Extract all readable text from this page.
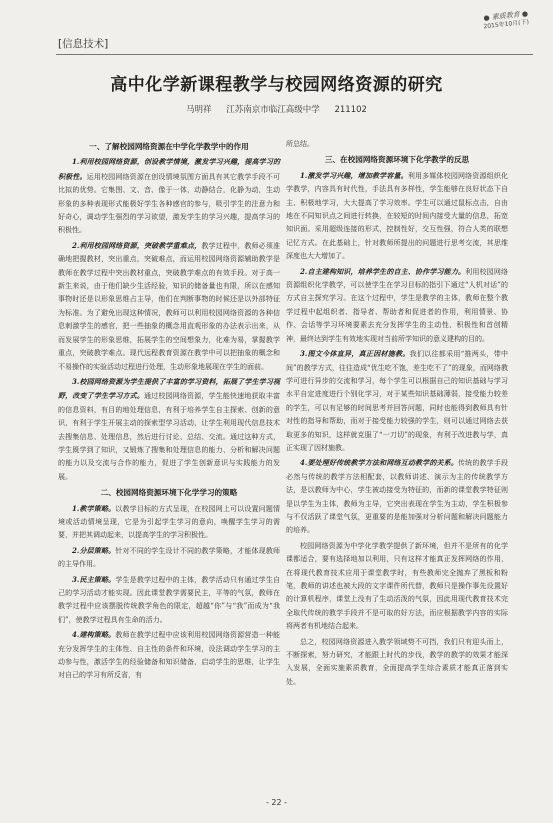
[信息技术]
● 素质教育 ●
2015年10月(下)
高中化学新课程教学与校园网络资源的研究
马明祥 江苏南京市临江高级中学 211102
一、了解校园网络资源在中学化学教学中的作用

1.利用校园网络资源，创设教学情境，激发学习兴趣，提高学习的积极性。运用校园网络资源在创设情境氛围方面具有其它教学手段不可比拟的优势。它集图、文、音、像于一体，动静结合，化静为动，生动形象的多种表现形式能极好学生各种感官的参与，吸引学生的注意力和好奇心，调动学生强烈的学习欲望，激发学生的学习兴趣，提高学习的积极性。

2.利用校园网络资源，突破教学重难点，教学过程中，教师必须准确地把握教材，突出重点，突破难点，而运用校园网络资源辅助教学是教师在教学过程中突出教材重点，突破教学难点的有效手段。对于高一新生来说，由于他们缺少生活经验，知识的储备量也有限，所以在感知事物时还是以形象思维占主导，他们在判断事物的时候还是以外部特征为标准。为了避免出现这种情况，教师可以利用校园网络资源的各种信息刺激学生的感官，把一些抽象的概念用直观形象的办法表示出来，从而发展学生的形象思维，拓展学生的空间想象力，化难为易，掌握教学重点，突破教学难点。现代远程教育资源在教学中可以把抽象的概念和不易操作的实验活动过程进行处理，生动形象地展现在学生的面前。

3.校园网络资源为学生提供了丰富的学习资料，拓展了学生学习视野，改变了学生学习方式。通过校园网络资源，学生能快速地获取丰富的信息资料，有目的地处理信息，有利于培养学生自主探索、创新的意识，有利于学生开展主动的探索型学习活动，让学生利用现代信息技术去搜集信息、处理信息，然后进行讨论、总结、交流。通过这种方式，学生既学到了知识，又锻炼了搜集和处理信息的能力、分析和解决问题的能力以及交流与合作的能力，促进了学生创新意识与实践能力的发展。

二、校园网络资源环境下化学学习的策略

1.教学策略。以教学目标的方式呈现，在校园网上可以设置问题情境或活动情境呈现，它是为引起学生学习的意向，唤醒学生学习的需要，并把其调动起来，以提高学生的学习积极性。

2.分层策略。针对不同的学生设计不同的教学策略，才能体现教师的主导作用。

3.民主策略。学生是教学过程中的主体，教学活动只有通过学生自己的学习活动才能实现。因此课堂教学需要民主，平等的气氛，教师在教学过程中应该摆脱传统教学角色的限定，超越“你”与“我”而成为“我们”，使教学过程具有生命的活力。

4.建构策略。教师在教学过程中应该利用校园网络资源营造一种能充分发挥学生的主体性、自主性的条件和环境，设法调动学生学习的主动参与性，激活学生的经验储备和知识储备，启动学生的思维，让学生对自己的学习有所反省，有

所总结。

三、在校园网络资源环境下化学教学的反思

1.激发学习兴趣，增加教学容量。利用多媒体校园网络资源组织化学教学，内容具有时代性，手法具有多样性，学生能够在良好状态下自主、积极地学习，大大提高了学习效率。学生可以通过鼠标点击，自由地在不同知识点之间进行转换，在较短的时间内接受大量的信息，拓宽知识面。采用超级连接的形式，控制性好，交互性强，符合人类的联想记忆方式。在此基础上，针对教师所提出的问题进行思考交流，其思维深度也大大增加了。

2.自主建构知识，培养学生的自主、协作学习能力。利用校园网络资源组织化学教学，可以使学生在学习目标的指引下通过“人机对话”的方式自主探究学习。在这个过程中，学生是教学的主体，教师在整个教学过程中起组织者、指导者、帮助者和促进者的作用，利用情景、协作、会话等学习环境要素去充分发挥学生的主动性、积极性和首创精神，最终达到学生有效地实现对当前所学知识的意义建构的目的。

3.图文今体直异，真正因材施教。我们以往都采用“推两头，带中间”的教学方式，往往造成“优生吃不饱，差生吃不了”的现象，而网络教学可进行异步的交流和学习，每个学生可以根据自己的知识基础与学习水平自定进度进行个别化学习，对于某些知识基础薄弱，接受能力较差的学生，可以有足够的时间思考并回答问题，同时也能得到教师具有针对性的指导和帮助，而对于接受能力较强的学生，则可以通过网络去获取更多的知识，这样就克服了“一刀切”的现象，有利于改进教与学，真正实现了因材施教。

4.要处理好传统教学方法和网络互动教学的关系。传统的教学手段必然与传统的教学方法相配套，以教师讲述、演示为主的传统教学方法，是以教师为中心，学生被动接受为特征的，而新的课堂教学特征则是以学生为主体，教师为主导，它突出表现在学生为主动，学生积极参与不仅活跃了课堂气氛，更重要的是能加强对分析问题和解决问题能力的培养。

校园网络资源为中学化学教学提供了新环境，但并不是所有的化学课都适合，要有选择地加以利用，只有这样才能真正发挥网络的作用，在将现代教育技术应用于课堂教学时，有些教师完全抛弃了黑板和粉笔，教师的讲述也被大段的文字课件所代替，教师只是操作事先设置好的计算机程序，课堂上没有了生动活泼的气氛，因此用现代教育技术完全取代传统的教学手段并不是可取的好方法，而应根据教学内容的实际将两者有机地结合起来。

总之，校园网络资源进入教学领域势不可挡，我们只有迎头而上，不断探索，努力研究，才能跟上时代的步伐，教学的教学的效果才能深入发展，全面实施素质教育，全面提高学生综合素质才能真正落到实处。

- 22 -
